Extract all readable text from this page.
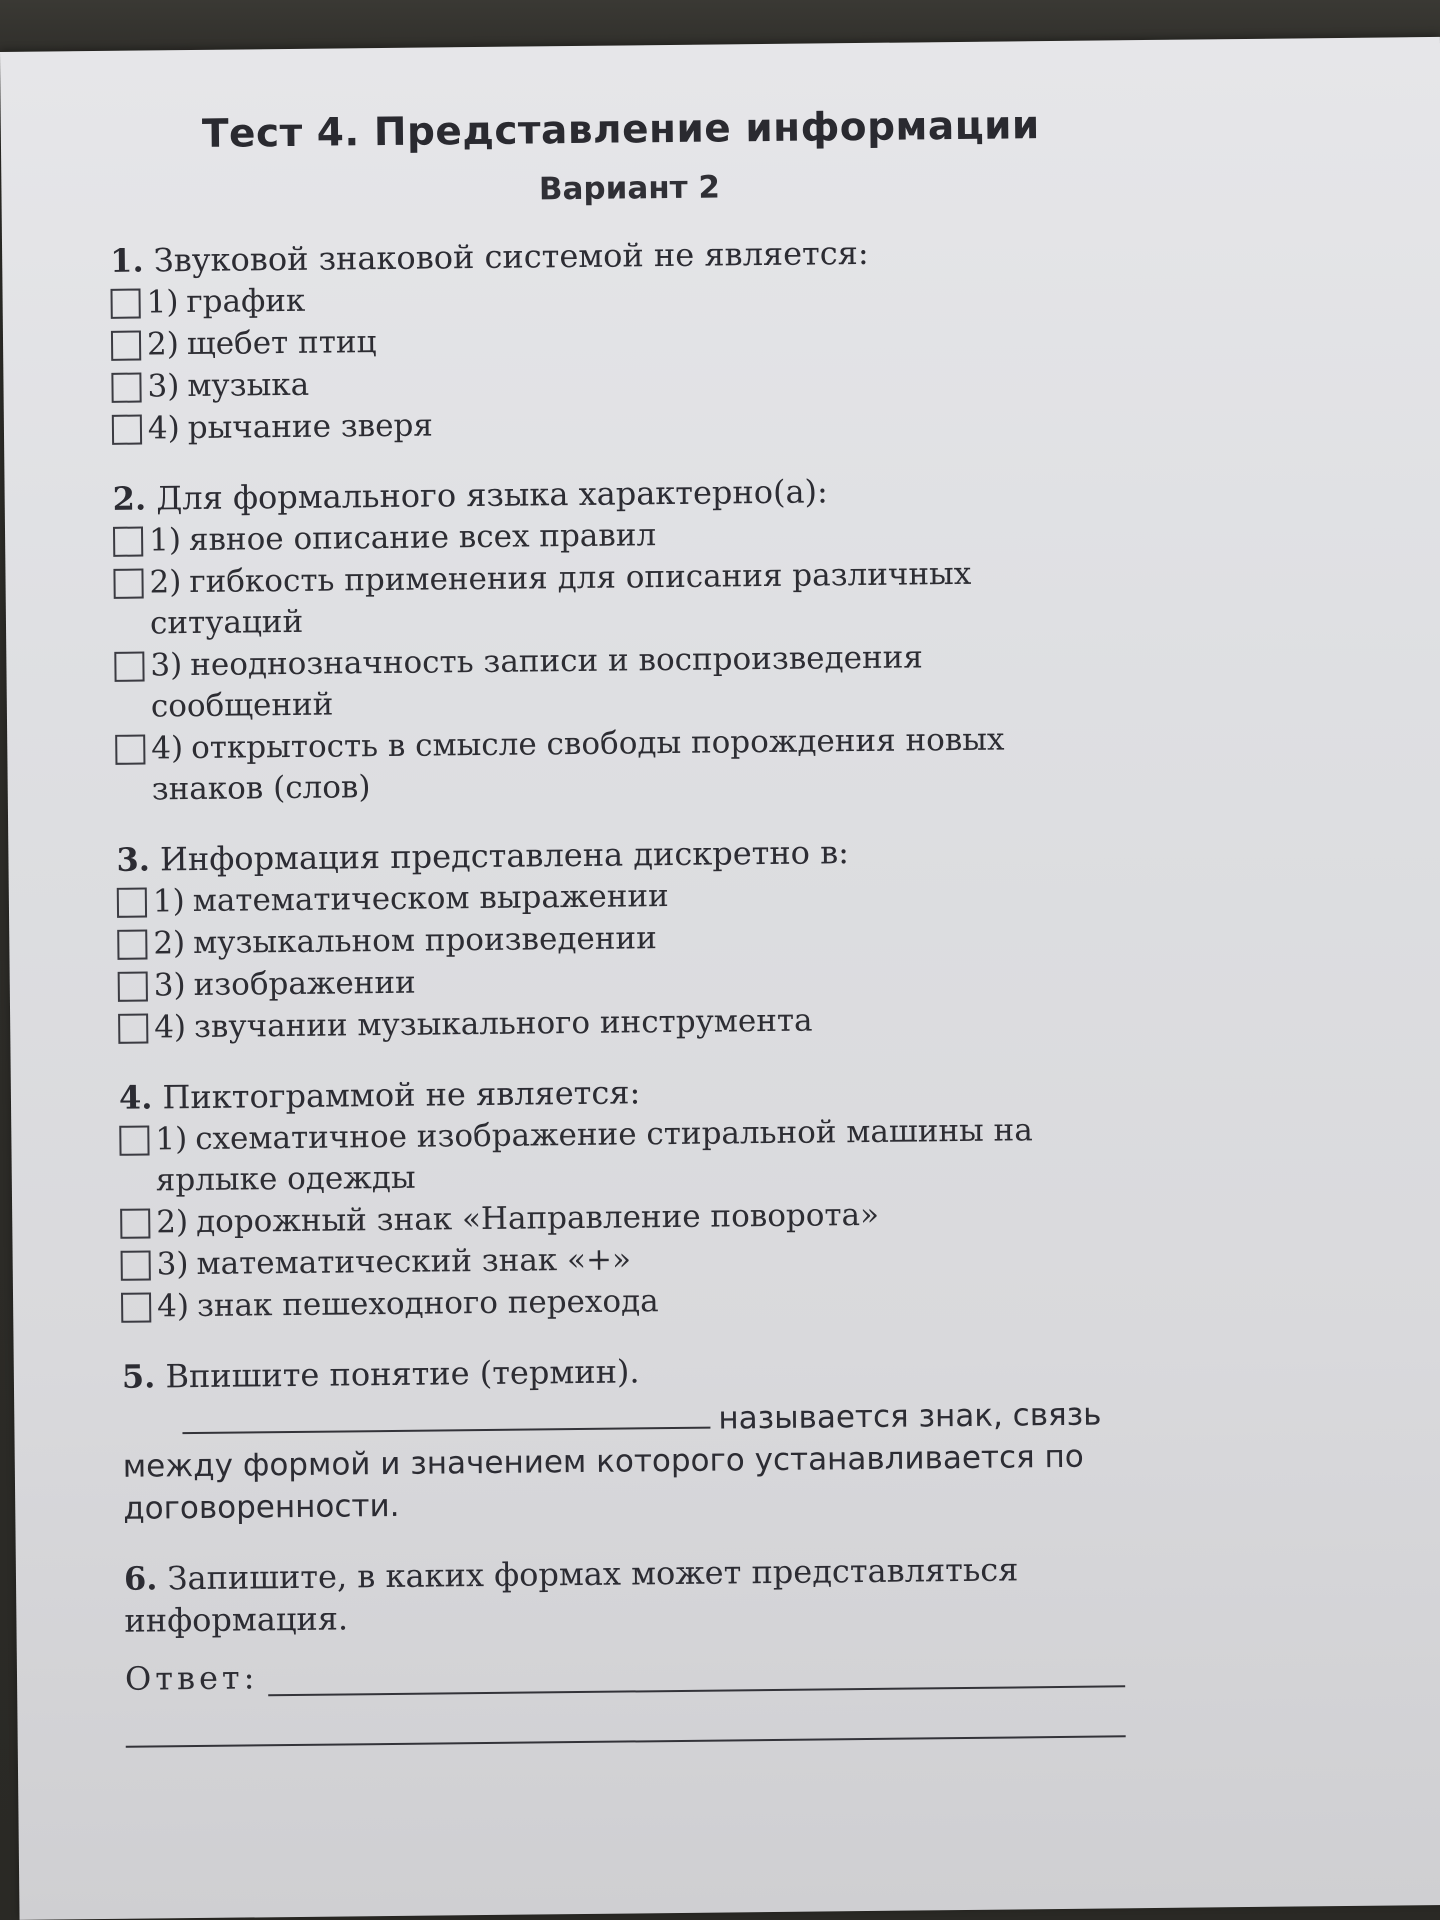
Тест 4. Представление информации
Вариант 2
1. Звуковой знаковой системой не является:
1) график
2) щебет птиц
3) музыка
4) рычание зверя
2. Для формального языка характерно(а):
1) явное описание всех правил
2) гибкость применения для описания различных ситуаций
3) неоднозначность записи и воспроизведения сообщений
4) открытость в смысле свободы порождения новых знаков (слов)
3. Информация представлена дискретно в:
1) математическом выражении
2) музыкальном произведении
3) изображении
4) звучании музыкального инструмента
4. Пиктограммой не является:
1) схематичное изображение стиральной машины на ярлыке одежды
2) дорожный знак «Направление поворота»
3) математический знак «+»
4) знак пешеходного перехода
5. Впишите понятие (термин).
называется знак, связь между формой и значением которого устанавливается по договоренности.
6. Запишите, в каких формах может представляться информация.
Ответ:
